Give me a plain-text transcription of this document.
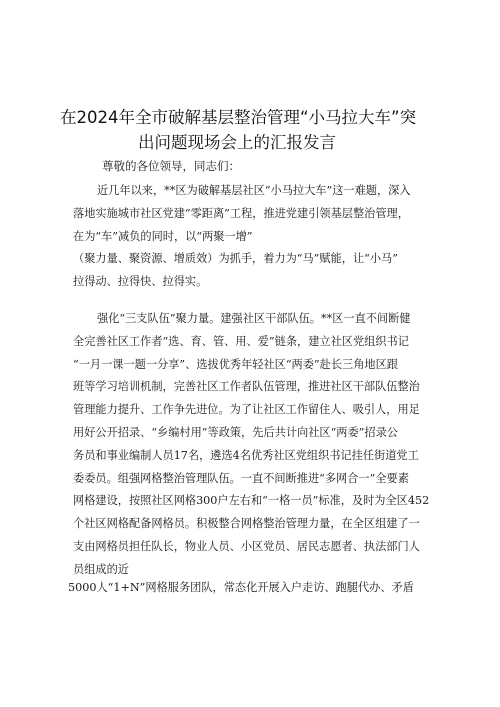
在2024年全市破解基层整治管理“小马拉大车”突
出问题现场会上的汇报发言
尊敬的各位领导，同志们：
近几年以来，**区为破解基层社区“小马拉大车”这一难题，深入
落地实施城市社区党建“零距离”工程，推进党建引领基层整治管理，
在为“车”减负的同时，以“两聚一增”
（聚力量、聚资源、增质效）为抓手，着力为“马”赋能，让“小马”
拉得动、拉得快、拉得实。
强化“三支队伍”聚力量。建强社区干部队伍。**区一直不间断健
全完善社区工作者“选、育、管、用、爱”链条，建立社区党组织书记
“一月一课一题一分享”、选拔优秀年轻社区“两委”赴长三角地区跟
班等学习培训机制，完善社区工作者队伍管理，推进社区干部队伍整治
管理能力提升、工作争先进位。为了让社区工作留住人、吸引人，用足
用好公开招录、“乡编村用”等政策，先后共计向社区“两委”招录公
务员和事业编制人员17名，遴选4名优秀社区党组织书记挂任街道党工
委委员。组强网格整治管理队伍。一直不间断推进“多网合一”全要素
网格建设，按照社区网格300户左右和“一格一员”标准，及时为全区452
个社区网格配备网格员。积极整合网格整治管理力量，在全区组建了一
支由网格员担任队长，物业人员、小区党员、居民志愿者、执法部门人
员组成的近
5000人“1+N”网格服务团队，常态化开展入户走访、跑腿代办、矛盾
